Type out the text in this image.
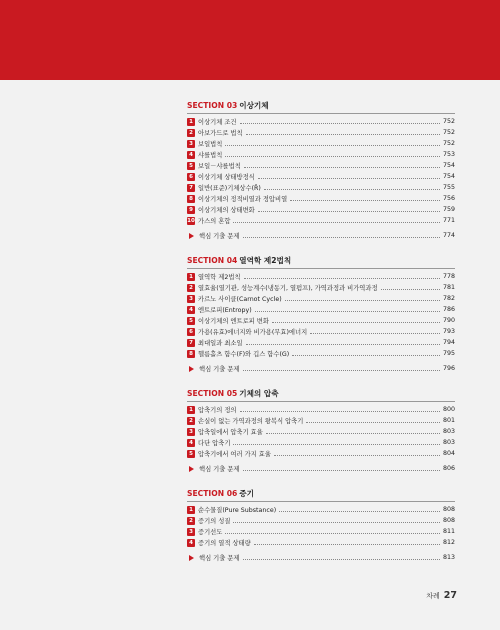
SECTION 03 이상기체
1 이상기체 조건	752
2 아보가드로 법칙	752
3 보일법칙	752
4 샤를법칙	753
5 보일－샤를법칙	754
6 이상기체 상태방정식	754
7 일반(표준)기체상수(R̄)	755
8 이상기체의 정적비열과 정압비열	756
9 이상기체의 상태변화	759
10 가스의 혼합	771
핵심 기출 문제	774
SECTION 04 열역학 제2법칙
1 열역학 제2법칙	778
2 열효율(열기관, 성능계수(냉동기, 열펌프), 가역과정과 비가역과정	781
3 카르노 사이클(Carnot Cycle)	782
4 엔트로피(Entropy)	786
5 이상기체의 엔트로피 변화	790
6 가용(유효)에너지와 비가용(무효)에너지	793
7 최대일과 최소일	794
8 헬름홀츠 함수(F)와 깁스 함수(G)	795
핵심 기출 문제	796
SECTION 05 기체의 압축
1 압축기의 정의	800
2 손실이 없는 가역과정의 왕복식 압축기	801
3 압축일에서 압축기 효율	803
4 다단 압축기	803
5 압축기에서 여러 가지 효율	804
핵심 기출 문제	806
SECTION 06 증기
1 순수물질(Pure Substance)	808
2 증기의 성질	808
3 증기선도	811
4 증기의 열적 상태량	812
핵심 기출 문제	813
차례 27
